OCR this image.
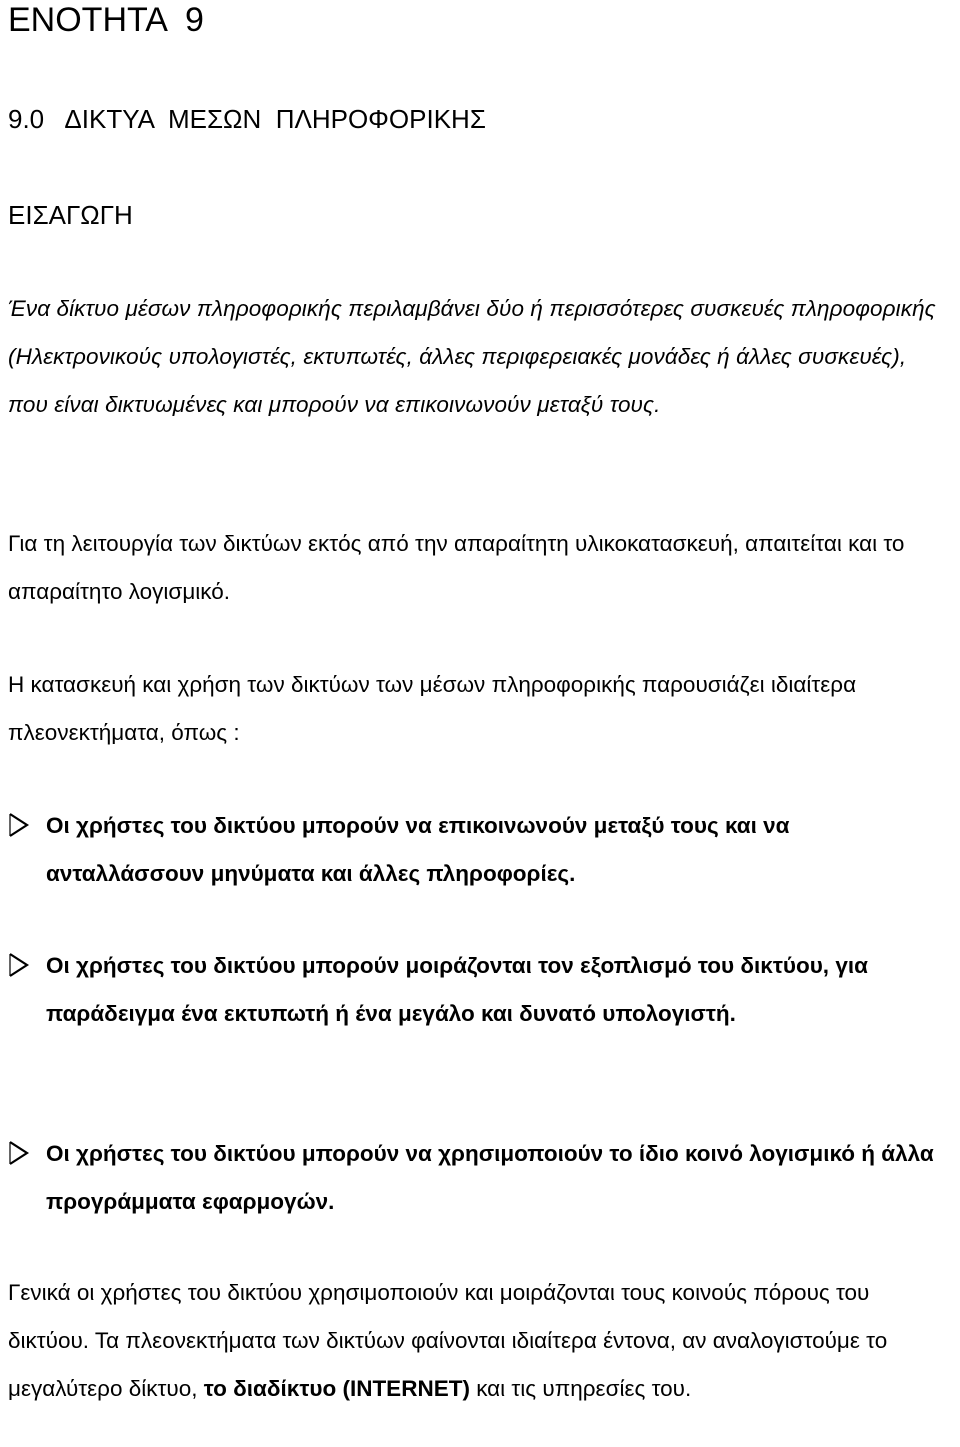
ΕΝΟΤΗΤΑ  9
9.0   ΔΙΚΤΥΑ  ΜΕΣΩΝ  ΠΛΗΡΟΦΟΡΙΚΗΣ
ΕΙΣΑΓΩΓΗ
Ένα δίκτυο μέσων πληροφορικής περιλαμβάνει δύο ή περισσότερες συσκευές πληροφορικής (Ηλεκτρονικούς υπολογιστές, εκτυπωτές, άλλες περιφερειακές μονάδες ή άλλες συσκευές), που είναι δικτυωμένες και μπορούν να επικοινωνούν μεταξύ τους.
Για τη λειτουργία των δικτύων εκτός από την απαραίτητη υλικοκατασκευή, απαιτείται και το απαραίτητο λογισμικό.
Η κατασκευή και χρήση των δικτύων των μέσων πληροφορικής παρουσιάζει ιδιαίτερα πλεονεκτήματα, όπως :
Οι χρήστες του δικτύου μπορούν να επικοινωνούν μεταξύ τους και να ανταλλάσσουν μηνύματα και άλλες πληροφορίες.
Οι χρήστες του δικτύου μπορούν μοιράζονται τον εξοπλισμό του δικτύου, για παράδειγμα ένα εκτυπωτή ή ένα μεγάλο και δυνατό υπολογιστή.
Οι χρήστες του δικτύου μπορούν να χρησιμοποιούν το ίδιο κοινό λογισμικό ή άλλα προγράμματα εφαρμογών.
Γενικά οι χρήστες του δικτύου χρησιμοποιούν και μοιράζονται τους κοινούς πόρους του δικτύου. Τα πλεονεκτήματα των δικτύων φαίνονται ιδιαίτερα έντονα, αν αναλογιστούμε το μεγαλύτερο δίκτυο, το διαδίκτυο (INTERNET) και τις υπηρεσίες του.
